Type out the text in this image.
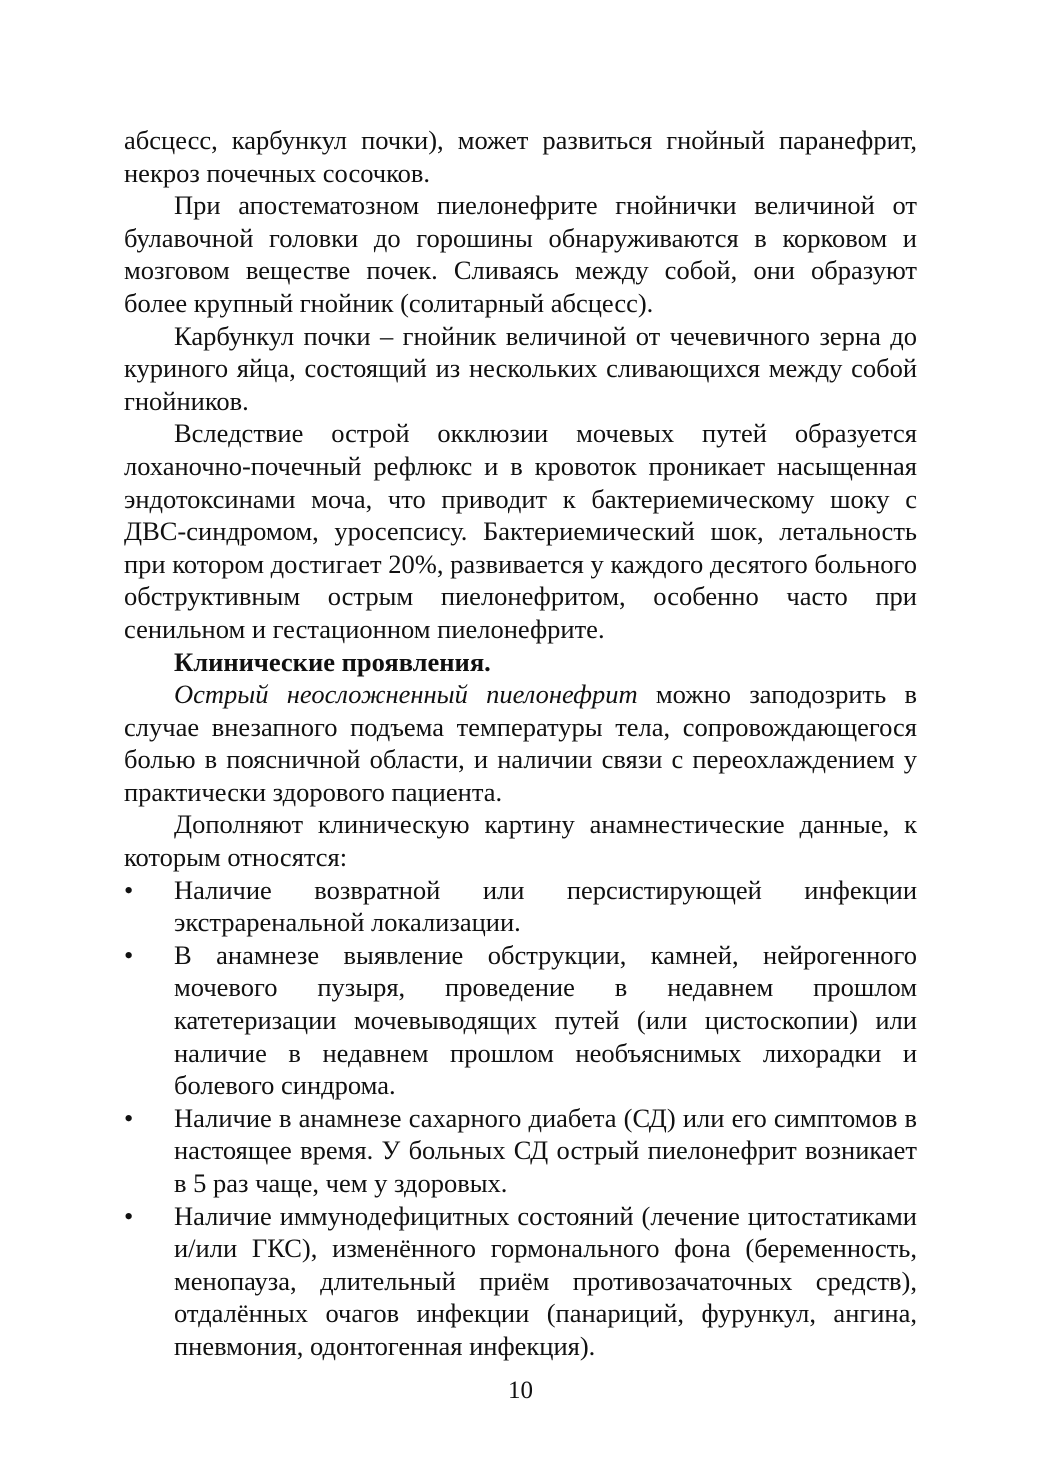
абсцесс, карбункул почки), может развиться гнойный паранефрит, некроз почечных сосочков.

При апостематозном пиелонефрите гнойнички величиной от булавочной головки до горошины обнаруживаются в корковом и мозговом веществе почек. Сливаясь между собой, они образуют более крупный гнойник (солитарный абсцесс).

Карбункул почки – гнойник величиной от чечевичного зерна до куриного яйца, состоящий из нескольких сливающихся между собой гнойников.

Вследствие острой окклюзии мочевых путей образуется лоханочно-почечный рефлюкс и в кровоток проникает насыщенная эндотоксинами моча, что приводит к бактериемическому шоку с ДВС-синдромом, уросепсису. Бактериемический шок, летальность при котором достигает 20%, развивается у каждого десятого больного обструктивным острым пиелонефритом, особенно часто при сенильном и гестационном пиелонефрите.

Клинические проявления.

Острый неосложненный пиелонефрит можно заподозрить в случае внезапного подъема температуры тела, сопровождающегося болью в поясничной области, и наличии связи с переохлаждением у практически здорового пациента.

Дополняют клиническую картину анамнестические данные, к которым относятся:

•	Наличие возвратной или персистирующей инфекции экстраренальной локализации.
•	В анамнезе выявление обструкции, камней, нейрогенного мочевого пузыря, проведение в недавнем прошлом катетеризации мочевыводящих путей (или цистоскопии) или наличие в недавнем прошлом необъяснимых лихорадки и болевого синдрома.
•	Наличие в анамнезе сахарного диабета (СД) или его симптомов в настоящее время. У больных СД острый пиелонефрит возникает в 5 раз чаще, чем у здоровых.
•	Наличие иммунодефицитных состояний (лечение цитостатиками и/или ГКС), изменённого гормонального фона (беременность, менопауза, длительный приём противозачаточных средств), отдалённых очагов инфекции (панариций, фурункул, ангина, пневмония, одонтогенная инфекция).
10
